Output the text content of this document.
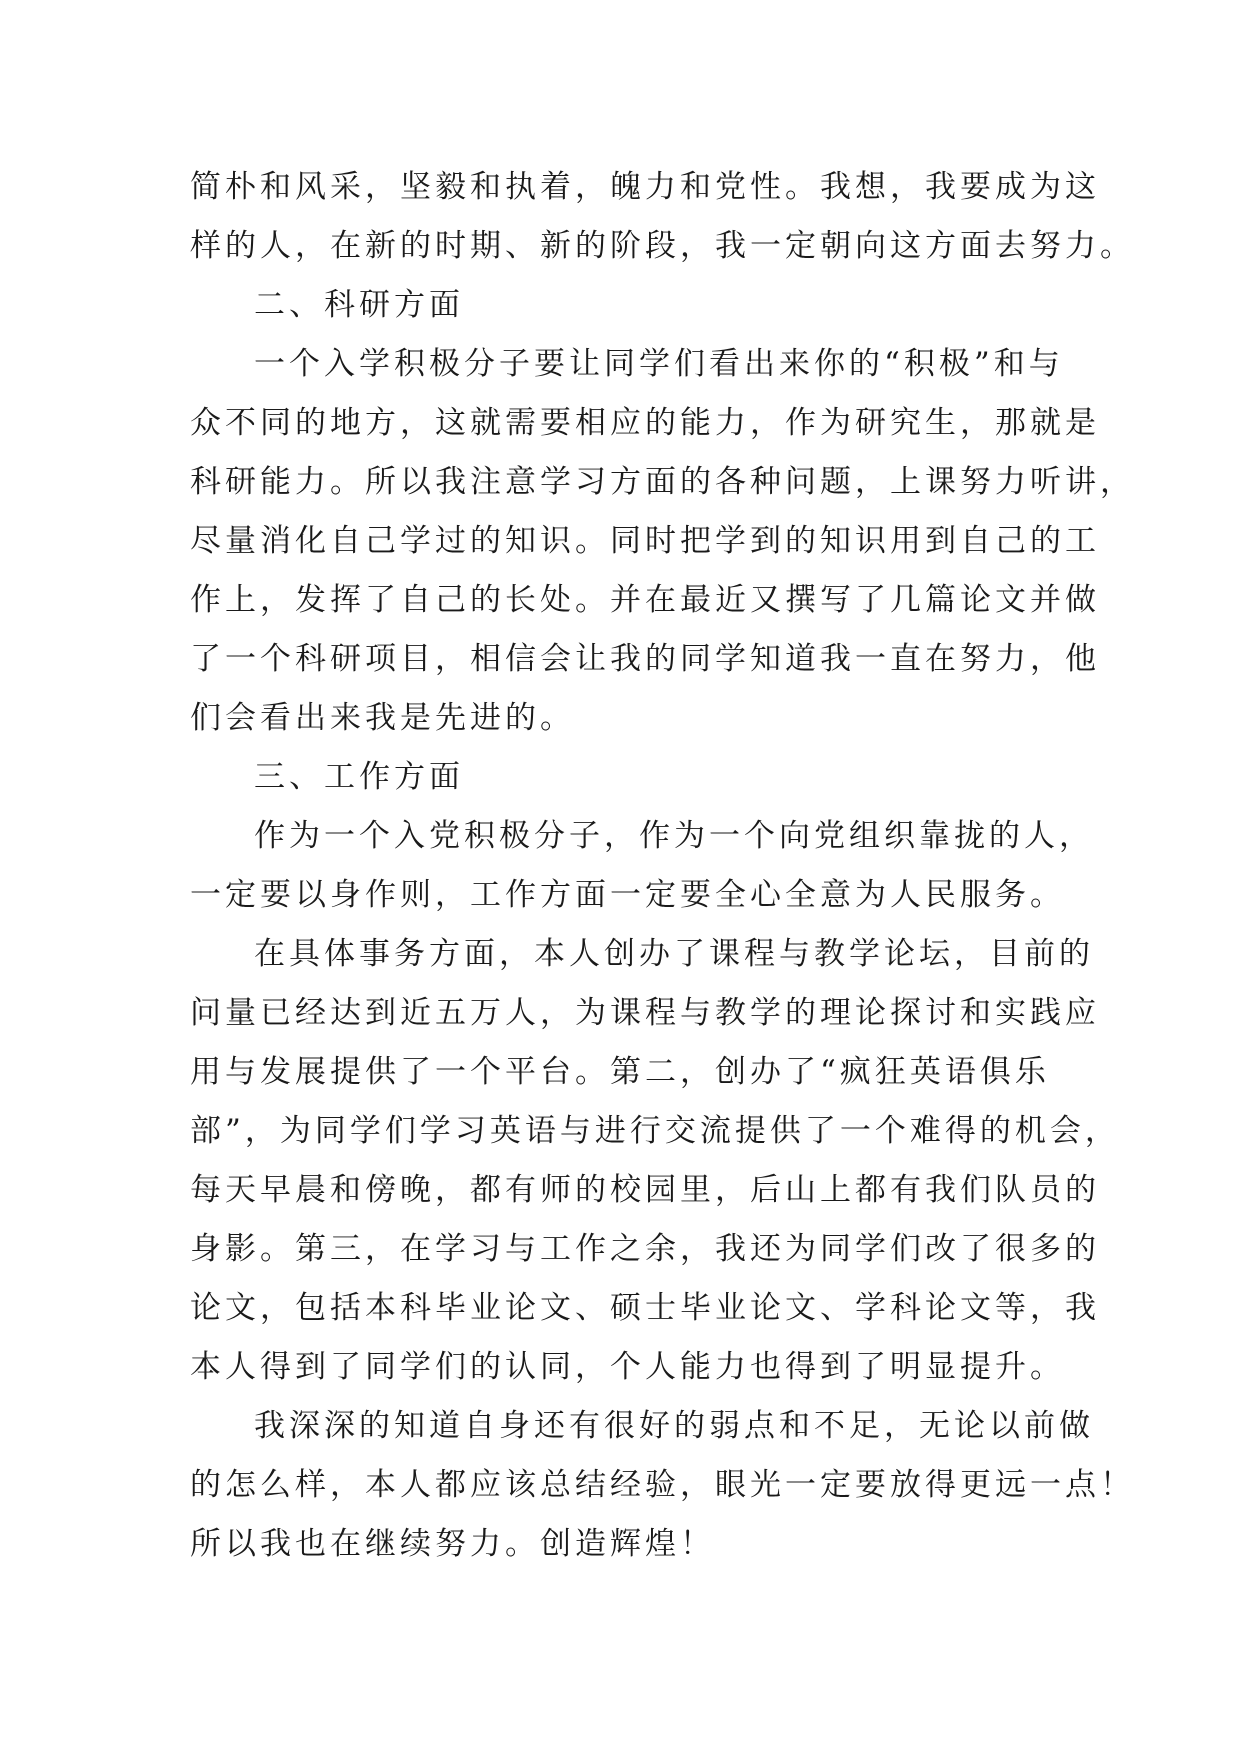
简朴和风采，坚毅和执着，魄力和党性。我想，我要成为这
样的人，在新的时期、新的阶段，我一定朝向这方面去努力。
二、科研方面
一个入学积极分子要让同学们看出来你的“积极”和与
众不同的地方，这就需要相应的能力，作为研究生，那就是
科研能力。所以我注意学习方面的各种问题，上课努力听讲，
尽量消化自己学过的知识。同时把学到的知识用到自己的工
作上，发挥了自己的长处。并在最近又撰写了几篇论文并做
了一个科研项目，相信会让我的同学知道我一直在努力，他
们会看出来我是先进的。
三、工作方面
作为一个入党积极分子，作为一个向党组织靠拢的人，
一定要以身作则，工作方面一定要全心全意为人民服务。
在具体事务方面，本人创办了课程与教学论坛，目前的
问量已经达到近五万人，为课程与教学的理论探讨和实践应
用与发展提供了一个平台。第二，创办了“疯狂英语俱乐
部”，为同学们学习英语与进行交流提供了一个难得的机会，
每天早晨和傍晚，都有师的校园里，后山上都有我们队员的
身影。第三，在学习与工作之余，我还为同学们改了很多的
论文，包括本科毕业论文、硕士毕业论文、学科论文等，我
本人得到了同学们的认同，个人能力也得到了明显提升。
我深深的知道自身还有很好的弱点和不足，无论以前做
的怎么样，本人都应该总结经验，眼光一定要放得更远一点！
所以我也在继续努力。创造辉煌！
